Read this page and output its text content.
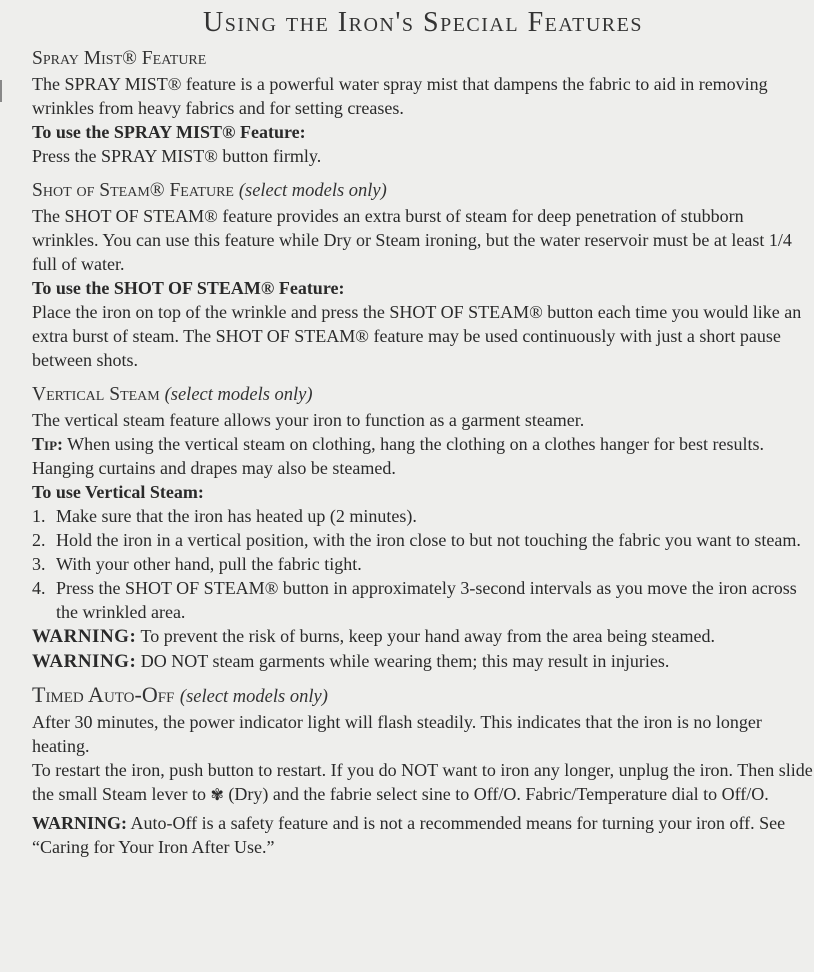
Using the Iron's Special Features
Spray Mist® Feature

The SPRAY MIST® feature is a powerful water spray mist that dampens the fabric to aid in removing wrinkles from heavy fabrics and for setting creases.

To use the SPRAY MIST® Feature:

Press the SPRAY MIST® button firmly.

Shot of Steam® Feature (select models only)

The SHOT OF STEAM® feature provides an extra burst of steam for deep penetration of stubborn wrinkles. You can use this feature while Dry or Steam ironing, but the water reservoir must be at least 1/4 full of water.

To use the SHOT OF STEAM® Feature:

Place the iron on top of the wrinkle and press the SHOT OF STEAM® button each time you would like an extra burst of steam. The SHOT OF STEAM® feature may be used continuously with just a short pause between shots.

Vertical Steam (select models only)

The vertical steam feature allows your iron to function as a garment steamer.

Tip: When using the vertical steam on clothing, hang the clothing on a clothes hanger for best results. Hanging curtains and drapes may also be steamed.

To use Vertical Steam:
1. Make sure that the iron has heated up (2 minutes).
2. Hold the iron in a vertical position, with the iron close to but not touching the fabric you want to steam.
3. With your other hand, pull the fabric tight.
4. Press the SHOT OF STEAM® button in approximately 3-second intervals as you move the iron across the wrinkled area.

WARNING: To prevent the risk of burns, keep your hand away from the area being steamed.

WARNING: DO NOT steam garments while wearing them; this may result in injuries.

Timed Auto-Off (select models only)

After 30 minutes, the power indicator light will flash steadily. This indicates that the iron is no longer heating.

To restart the iron, push button to restart. If you do NOT want to iron any longer, unplug the iron. Then slide the small Steam lever to ✾ (Dry) and the fabrie select sine to Off/O. Fabric/Temperature dial to Off/O.

WARNING: Auto-Off is a safety feature and is not a recommended means for turning your iron off. See “Caring for Your Iron After Use.”
